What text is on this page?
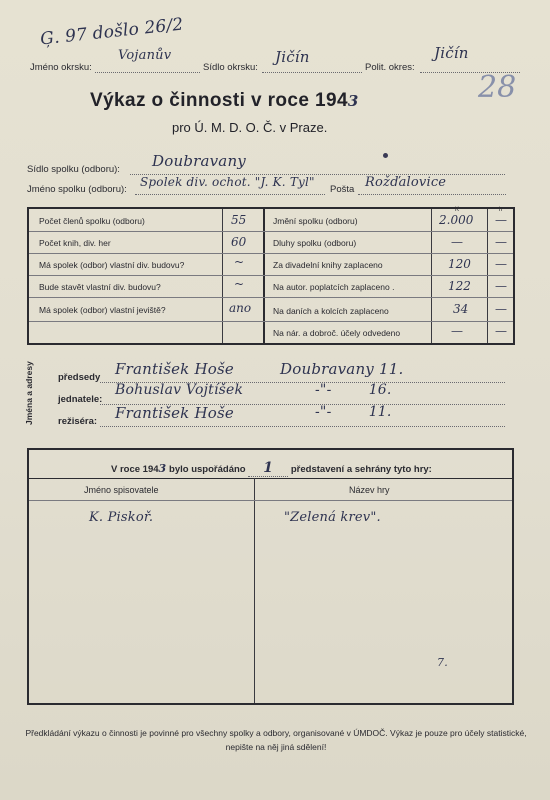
Ģ. 97 došlo 26/2
28
Jméno okrsku:
Vojanův
Sídlo okrsku:
Jičín
Polit. okres:
Jičín
Výkaz o činnosti v roce 1943
pro Ú. M. D. O. Č. v Praze.
Sídlo spolku (odboru): Doubravany
Jméno spolku (odboru):
Spolek div. ochot. "J. K. Tyl"
Pošta Rožďalovice
K	h
Počet členů spolku (odboru)	55
Počet knih, div. her	60
Má spolek (odbor) vlastní div. budovu?	~
Bude stavět vlastní div. budovu?	~
Má spolek (odbor) vlastní jeviště?	ano
Jmění spolku (odboru)	2.000 —
Dluhy spolku (odboru)	—	—
Za divadelní knihy zaplaceno	120 —
Na autor. poplatcích zaplaceno .	122 —
Na daních a kolcích zaplaceno	34 —
Na nár. a dobroč. účely odvedeno	—	—
Jména a adresy	předsedy František Hoše	Doubravany 11.
jednatele:
Bohuslav Vojtíšek	-"-        16.
režiséra: František Hoše	-"-        11.
V roce 1943 bylo uspořádáno 1 představení a sehrány tyto hry:
Jméno spisovatele	Název hry
K. Piskoř.	"Zelená krev".
7.
Předkládání výkazu o činnosti je povinné pro všechny spolky a odbory, organisované v ÚMDOČ. Výkaz je pouze pro účely statistické, nepište na něj jiná sdělení!
